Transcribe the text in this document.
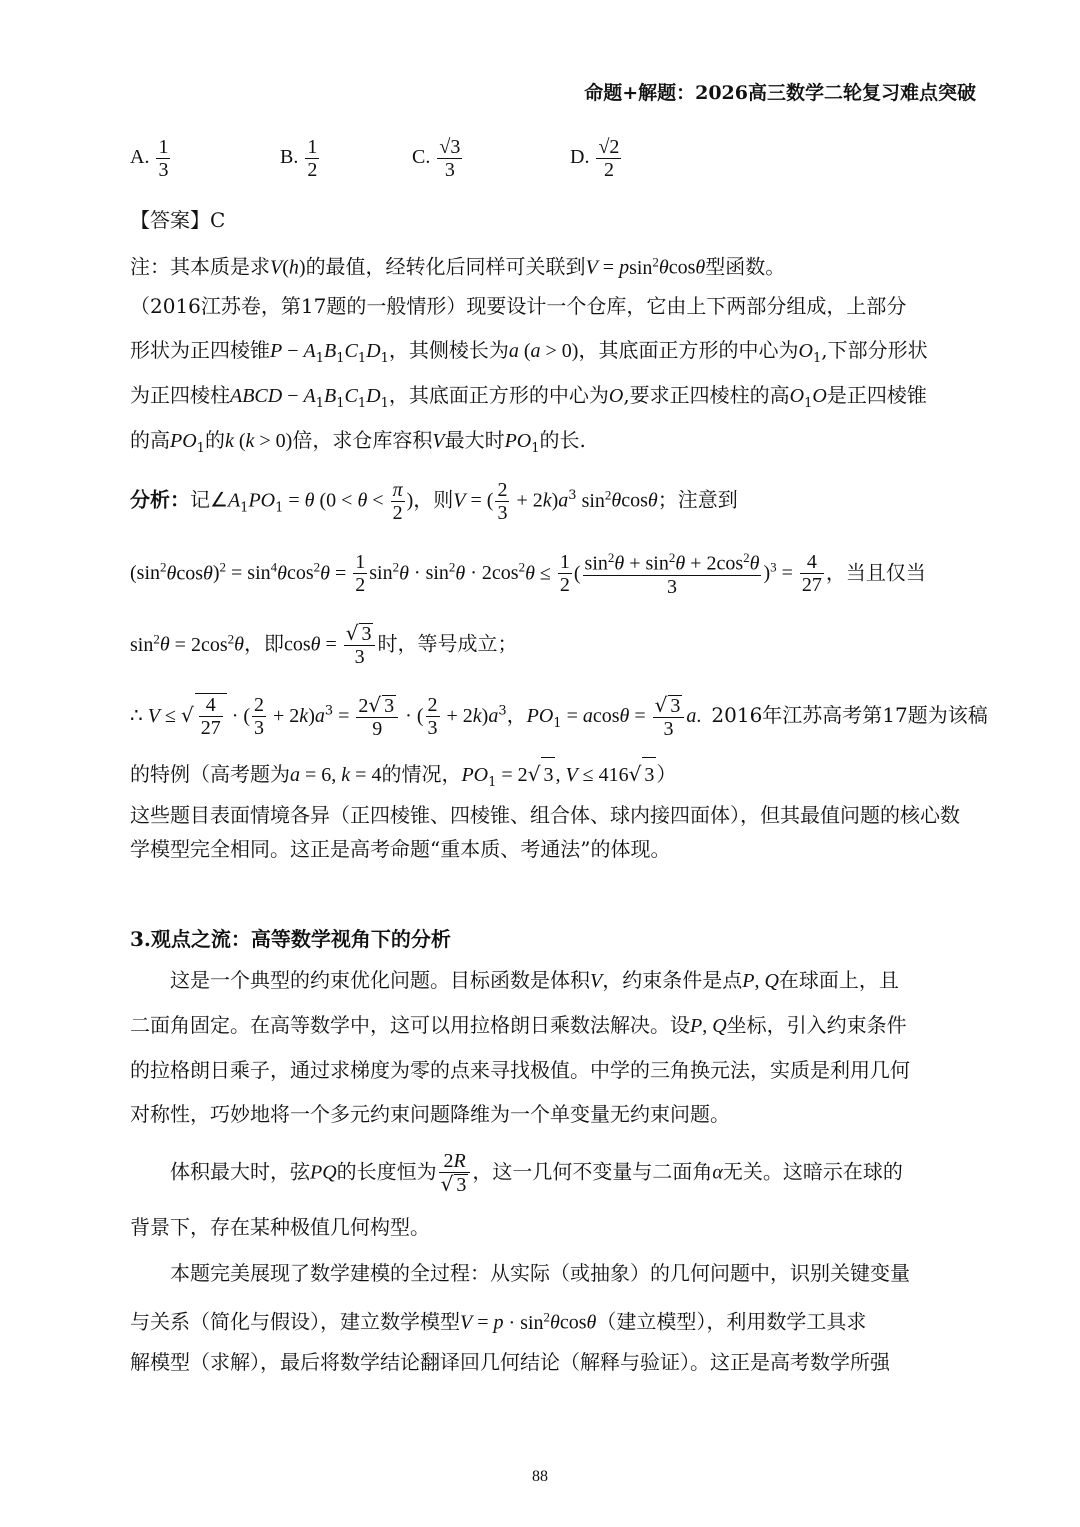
命题+解题：2026高三数学二轮复习难点突破
A. $\frac{1}{3}$	B. $\frac{1}{2}$	C. $\frac{√3}{3}$	D. $\frac{√2}{2}$
【答案】C
注：其本质是求V(h)的最值，经转化后同样可关联到V = psin$^2$θcosθ型函数。
（2016江苏卷，第17题的一般情形）现要设计一个仓库，它由上下两部分组成，上部分
形状为正四棱锥$P - A_1B_1C_1D_1$，其侧棱长为a (a > 0)，其底面正方形的中心为$O_1$,下部分形状
为正四棱柱ABCD − $A_1B_1C_1D_1$，其底面正方形的中心为O,要求正四棱柱的高$O_1O$是正四棱锥
的高$PO_1$的k (k > 0)倍，求仓库容积V最大时$PO_1$的长.
分析：记$\angle A_1PO_1 = \theta$ ($0 < \theta < \frac{\pi}{2}$ )，则V = ( $\frac{2}{3} + 2k)a^3$ $\sin^2\theta\cos\theta$；注意到
$(\sin^2\theta\cos\theta)^2 = \sin^4\theta\cos^2\theta = \frac{1}{2} \sin^2\theta \cdot \sin^2\theta \cdot 2\cos^2\theta \le \frac{1}{2}$ ( $\frac{\sin^2\theta + \sin^2\theta + 2\cos^2\theta}{3} )^3 = \frac{4}{27}$ ，当且仅当
$\sin^2\theta = 2\cos^2\theta$，即$\cos\theta = \frac{√ 3}{3}$ 时，等号成立；
∴ V ≤ √ $\frac{4}{27}$ · ( $\frac{2}{3} + 2k)a^3 = \frac{2√ 3}{9}$ · ( $\frac{2}{3} + 2k)a^3$，$PO_1 = acos\theta = \frac{√ 3}{3} a$.  2016年江苏高考第17题为该稿
的特例（高考题为a = 6, k = 4的情况，$PO_1 = 2√$ 3 , V ≤ 416√ 3 ）
这些题目表面情境各异（正四棱锥、四棱锥、组合体、球内接四面体），但其最值问题的核心数学模型完全相同。这正是高考命题“重本质、考通法”的体现。
3.观点之流：高等数学视角下的分析
这是一个典型的约束优化问题。目标函数是体积V，约束条件是点P, Q在球面上，且
二面角固定。在高等数学中，这可以用拉格朗日乘数法解决。设P, Q坐标，引入约束条件
的拉格朗日乘子，通过求梯度为零的点来寻找极值。中学的三角换元法，实质是利用几何
对称性，巧妙地将一个多元约束问题降维为一个单变量无约束问题。
体积最大时，弦PQ的长度恒为 $\frac{2R}{√ 3}$ ，这一几何不变量与二面角α无关。这暗示在球的
背景下，存在某种极值几何构型。
本题完美展现了数学建模的全过程：从实际（或抽象）的几何问题中，识别关键变量
与关系（简化与假设），建立数学模型$V = p \cdot \sin^2\theta\cos\theta$（建立模型），利用数学工具求
解模型（求解），最后将数学结论翻译回几何结论（解释与验证）。这正是高考数学所强
88
